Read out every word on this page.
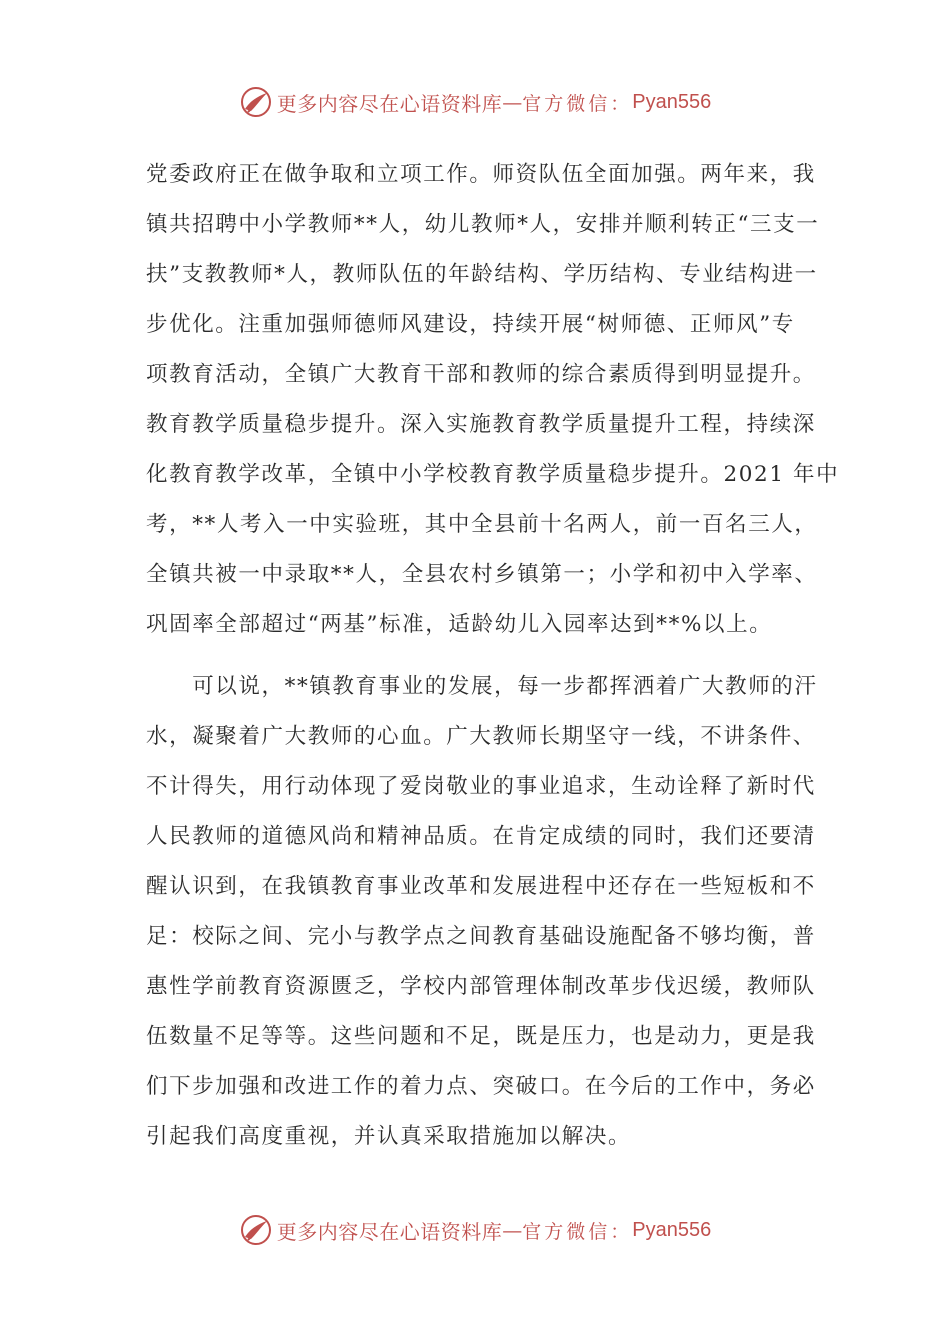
更多内容尽在心语资料库 — 官方微信： Pyan556
党委政府正在做争取和立项工作。师资队伍全面加强。两年来，我
镇共招聘中小学教师**人，幼儿教师*人，安排并顺利转正“三支一
扶”支教教师*人，教师队伍的年龄结构、学历结构、专业结构进一
步优化。注重加强师德师风建设，持续开展“树师德、正师风”专
项教育活动，全镇广大教育干部和教师的综合素质得到明显提升。
教育教学质量稳步提升。深入实施教育教学质量提升工程，持续深
化教育教学改革，全镇中小学校教育教学质量稳步提升。2021 年中
考，**人考入一中实验班，其中全县前十名两人，前一百名三人，
全镇共被一中录取**人，全县农村乡镇第一；小学和初中入学率、
巩固率全部超过“两基”标准，适龄幼儿入园率达到**%以上。
　　可以说，**镇教育事业的发展，每一步都挥洒着广大教师的汗
水，凝聚着广大教师的心血。广大教师长期坚守一线，不讲条件、
不计得失，用行动体现了爱岗敬业的事业追求，生动诠释了新时代
人民教师的道德风尚和精神品质。在肯定成绩的同时，我们还要清
醒认识到，在我镇教育事业改革和发展进程中还存在一些短板和不
足：校际之间、完小与教学点之间教育基础设施配备不够均衡，普
惠性学前教育资源匮乏，学校内部管理体制改革步伐迟缓，教师队
伍数量不足等等。这些问题和不足，既是压力，也是动力，更是我
们下步加强和改进工作的着力点、突破口。在今后的工作中，务必
引起我们高度重视，并认真采取措施加以解决。
更多内容尽在心语资料库 — 官方微信： Pyan556
